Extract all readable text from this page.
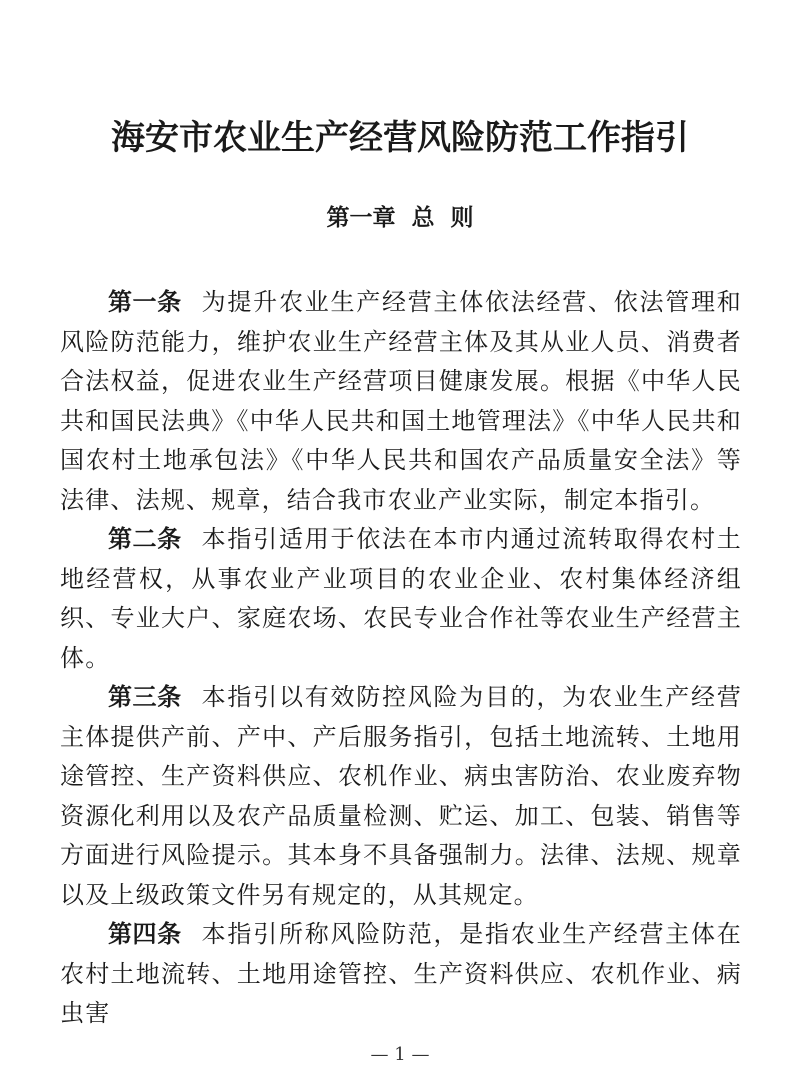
海安市农业生产经营风险防范工作指引
第一章  总  则

第一条 为提升农业生产经营主体依法经营、依法管理和风险防范能力，维护农业生产经营主体及其从业人员、消费者合法权益，促进农业生产经营项目健康发展。根据《中华人民共和国民法典》《中华人民共和国土地管理法》《中华人民共和国农村土地承包法》《中华人民共和国农产品质量安全法》等法律、法规、规章，结合我市农业产业实际，制定本指引。

第二条 本指引适用于依法在本市内通过流转取得农村土地经营权，从事农业产业项目的农业企业、农村集体经济组织、专业大户、家庭农场、农民专业合作社等农业生产经营主体。

第三条 本指引以有效防控风险为目的，为农业生产经营主体提供产前、产中、产后服务指引，包括土地流转、土地用途管控、生产资料供应、农机作业、病虫害防治、农业废弃物资源化利用以及农产品质量检测、贮运、加工、包装、销售等方面进行风险提示。其本身不具备强制力。法律、法规、规章以及上级政策文件另有规定的，从其规定。

第四条 本指引所称风险防范，是指农业生产经营主体在农村土地流转、土地用途管控、生产资料供应、农机作业、病虫害

— 1 —
